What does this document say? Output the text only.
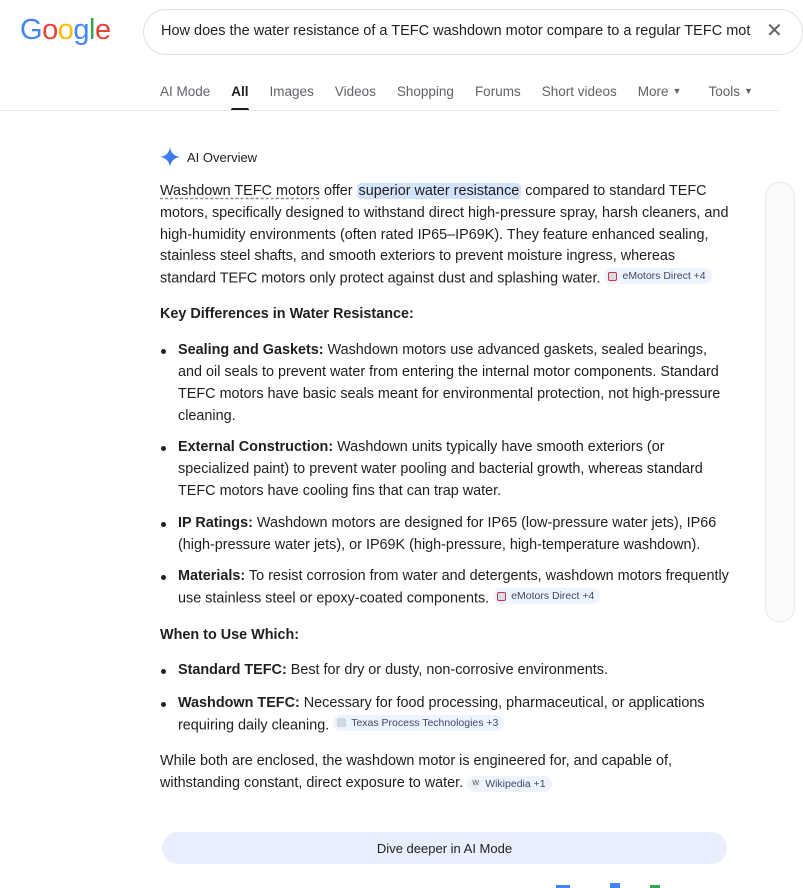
Google	How does the water resistance of a TEFC washdown motor compare to a regular TEFC mot ✕
AI Mode All Images Videos Shopping Forums Short videos More ▼ Tools ▼
AI Overview

Washdown TEFC motors offer superior water resistance compared to standard TEFC motors, specifically designed to withstand direct high-pressure spray, harsh cleaners, and high-humidity environments (often rated IP65–IP69K). They feature enhanced sealing, stainless steel shafts, and smooth exteriors to prevent moisture ingress, whereas standard TEFC motors only protect against dust and splashing water. eMotors Direct +4

Key Differences in Water Resistance:
Sealing and Gaskets: Washdown motors use advanced gaskets, sealed bearings, and oil seals to prevent water from entering the internal motor components. Standard TEFC motors have basic seals meant for environmental protection, not high-pressure cleaning.
External Construction: Washdown units typically have smooth exteriors (or specialized paint) to prevent water pooling and bacterial growth, whereas standard TEFC motors have cooling fins that can trap water.
IP Ratings: Washdown motors are designed for IP65 (low-pressure water jets), IP66 (high-pressure water jets), or IP69K (high-pressure, high-temperature washdown).
Materials: To resist corrosion from water and detergents, washdown motors frequently use stainless steel or epoxy-coated components. eMotors Direct +4
When to Use Which:
Standard TEFC: Best for dry or dusty, non-corrosive environments.
Washdown TEFC: Necessary for food processing, pharmaceutical, or applications requiring daily cleaning. Texas Process Technologies +3

While both are enclosed, the washdown motor is engineered for, and capable of, withstanding constant, direct exposure to water. W Wikipedia +1

Dive deeper in AI Mode
